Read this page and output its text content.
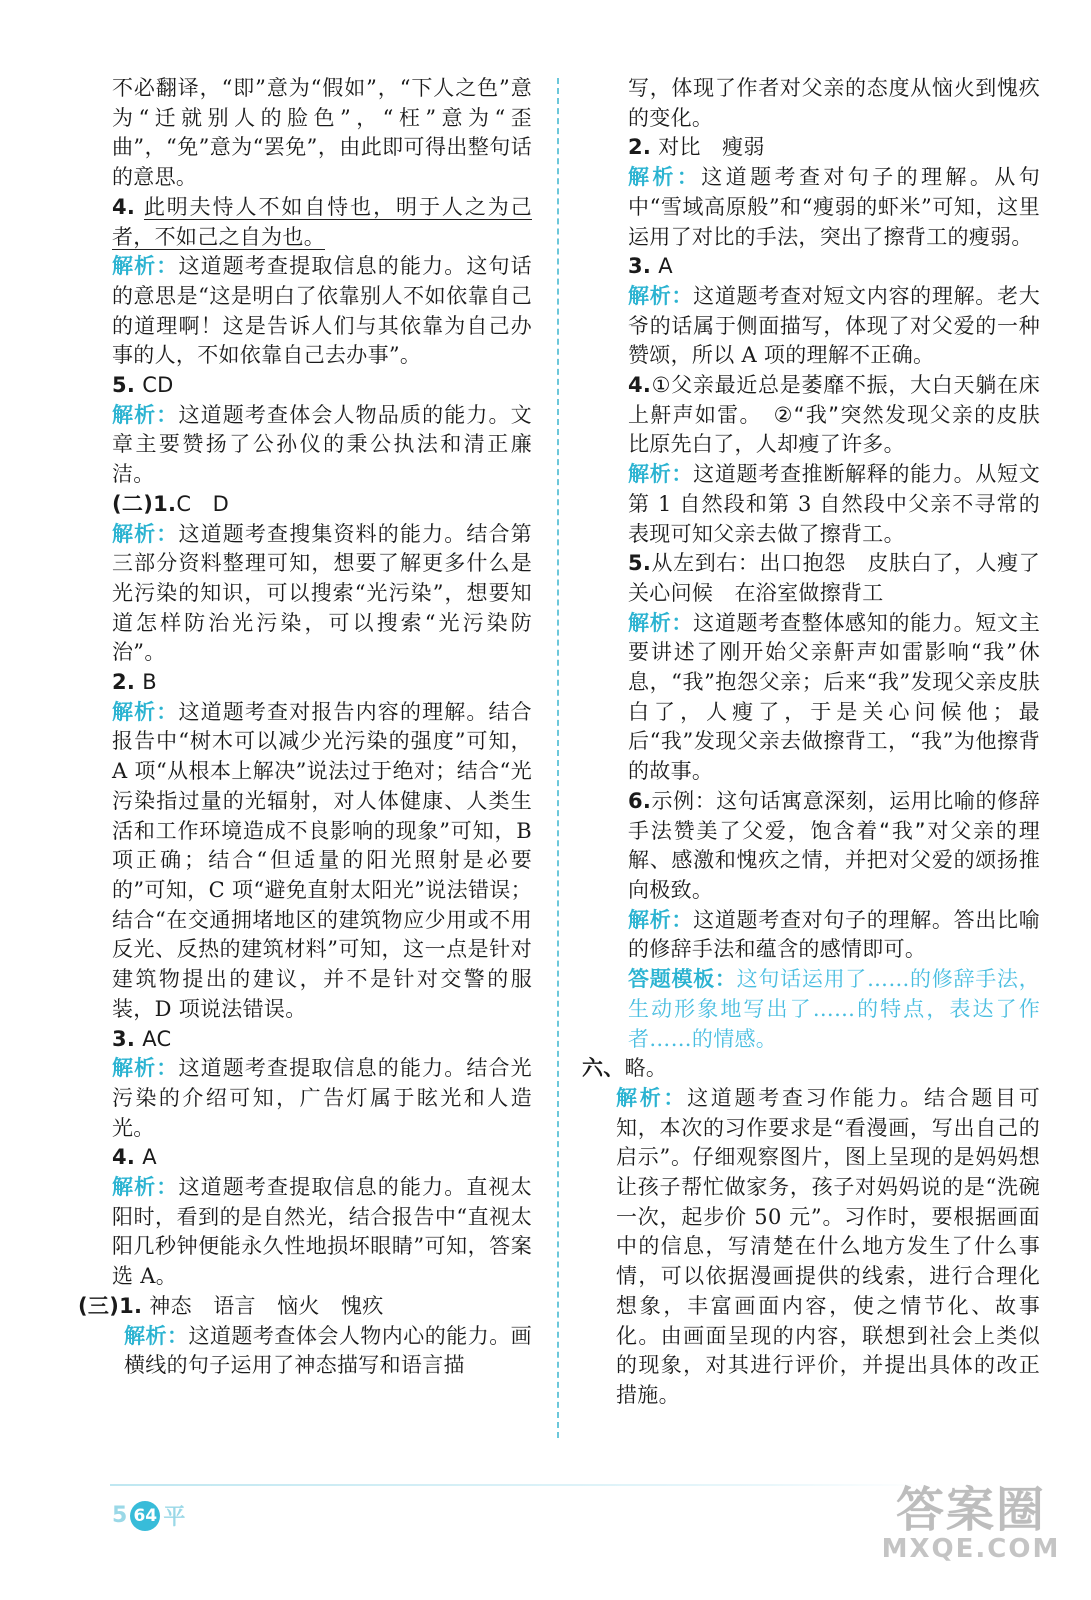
不必翻译，“即”意为“假如”，“下人之色”意为“迁就别人的脸色”，“枉”意为“歪曲”，“免”意为“罢免”，由此即可得出整句话的意思。

4. 此明夫恃人不如自恃也，明于人之为己者，不如己之自为也。

解析：这道题考查提取信息的能力。这句话的意思是“这是明白了依靠别人不如依靠自己的道理啊！这是告诉人们与其依靠为自己办事的人，不如依靠自己去办事”。

5. CD

解析：这道题考查体会人物品质的能力。文章主要赞扬了公孙仪的秉公执法和清正廉洁。

(二)1.C　D

解析：这道题考查搜集资料的能力。结合第三部分资料整理可知，想要了解更多什么是光污染的知识，可以搜索“光污染”，想要知道怎样防治光污染，可以搜索“光污染防治”。

2. B

解析：这道题考查对报告内容的理解。结合报告中“树木可以减少光污染的强度”可知，A 项“从根本上解决”说法过于绝对；结合“光污染指过量的光辐射，对人体健康、人类生活和工作环境造成不良影响的现象”可知，B 项正确；结合“但适量的阳光照射是必要的”可知，C 项“避免直射太阳光”说法错误；结合“在交通拥堵地区的建筑物应少用或不用反光、反热的建筑材料”可知，这一点是针对建筑物提出的建议，并不是针对交警的服装，D 项说法错误。

3. AC

解析：这道题考查提取信息的能力。结合光污染的介绍可知，广告灯属于眩光和人造光。

4. A

解析：这道题考查提取信息的能力。直视太阳时，看到的是自然光，结合报告中“直视太阳几秒钟便能永久性地损坏眼睛”可知，答案选 A。

(三)1. 神态　语言　恼火　愧疚

解析：这道题考查体会人物内心的能力。画横线的句子运用了神态描写和语言描

写，体现了作者对父亲的态度从恼火到愧疚的变化。

2. 对比　瘦弱

解析：这道题考查对句子的理解。从句中“雪域高原般”和“瘦弱的虾米”可知，这里运用了对比的手法，突出了擦背工的瘦弱。

3. A

解析：这道题考查对短文内容的理解。老大爷的话属于侧面描写，体现了对父爱的一种赞颂，所以 A 项的理解不正确。

4.①父亲最近总是萎靡不振，大白天躺在床上鼾声如雷。　②“我”突然发现父亲的皮肤比原先白了，人却瘦了许多。

解析：这道题考查推断解释的能力。从短文第 1 自然段和第 3 自然段中父亲不寻常的表现可知父亲去做了擦背工。

5.从左到右：出口抱怨　皮肤白了，人瘦了　关心问候　在浴室做擦背工

解析：这道题考查整体感知的能力。短文主要讲述了刚开始父亲鼾声如雷影响“我”休息，“我”抱怨父亲；后来“我”发现父亲皮肤白了，人瘦了，于是关心问候他；最后“我”发现父亲去做擦背工，“我”为他擦背的故事。

6.示例：这句话寓意深刻，运用比喻的修辞手法赞美了父爱，饱含着“我”对父亲的理解、感激和愧疚之情，并把对父爱的颂扬推向极致。

解析：这道题考查对句子的理解。答出比喻的修辞手法和蕴含的感情即可。

答题模板：这句话运用了……的修辞手法，生动形象地写出了……的特点，表达了作者……的情感。

六、略。

解析：这道题考查习作能力。结合题目可知，本次的习作要求是“看漫画，写出自己的启示”。仔细观察图片，图上呈现的是妈妈想让孩子帮忙做家务，孩子对妈妈说的是“洗碗一次，起步价 50 元”。习作时，要根据画面中的信息，写清楚在什么地方发生了什么事情，可以依据漫画提供的线索，进行合理化想象，丰富画面内容，使之情节化、故事化。由画面呈现的内容，联想到社会上类似的现象，对其进行评价，并提出具体的改正措施。

5 64 平	答案圈
MXQE.COM
